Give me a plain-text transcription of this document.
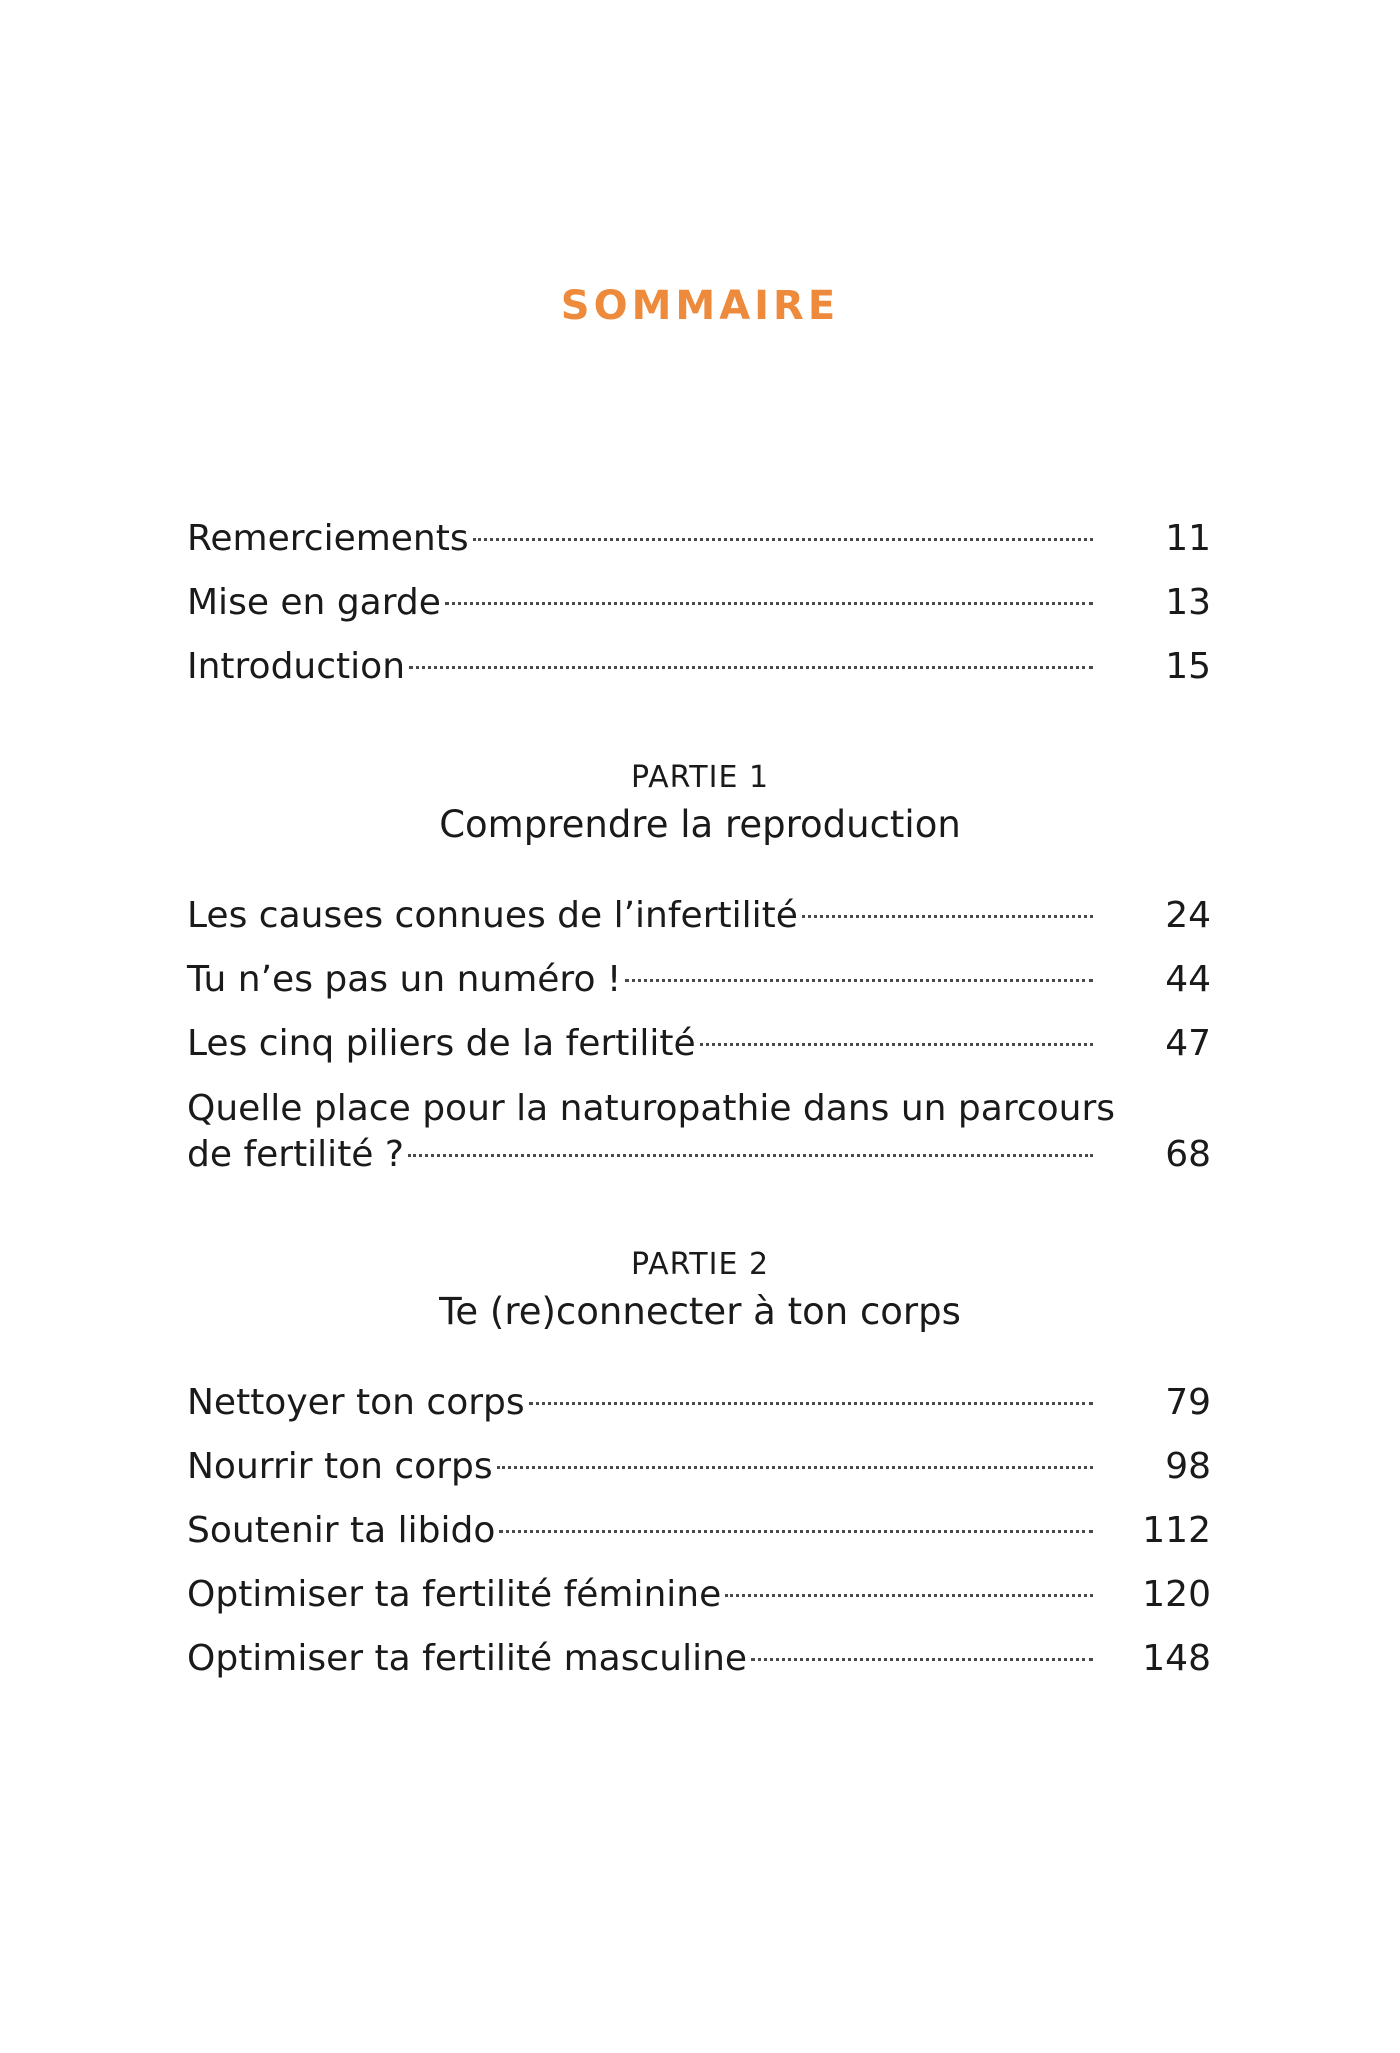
SOMMAIRE
Remerciements	11
Mise en garde	13
Introduction	15
PARTIE 1
Comprendre la reproduction
Les causes connues de l’infertilité	24
Tu n’es pas un numéro !	44
Les cinq piliers de la fertilité	47
Quelle place pour la naturopathie dans un parcours
de fertilité ?	68
PARTIE 2
Te (re)connecter à ton corps
Nettoyer ton corps	79
Nourrir ton corps	98
Soutenir ta libido	112
Optimiser ta fertilité féminine	120
Optimiser ta fertilité masculine	148
